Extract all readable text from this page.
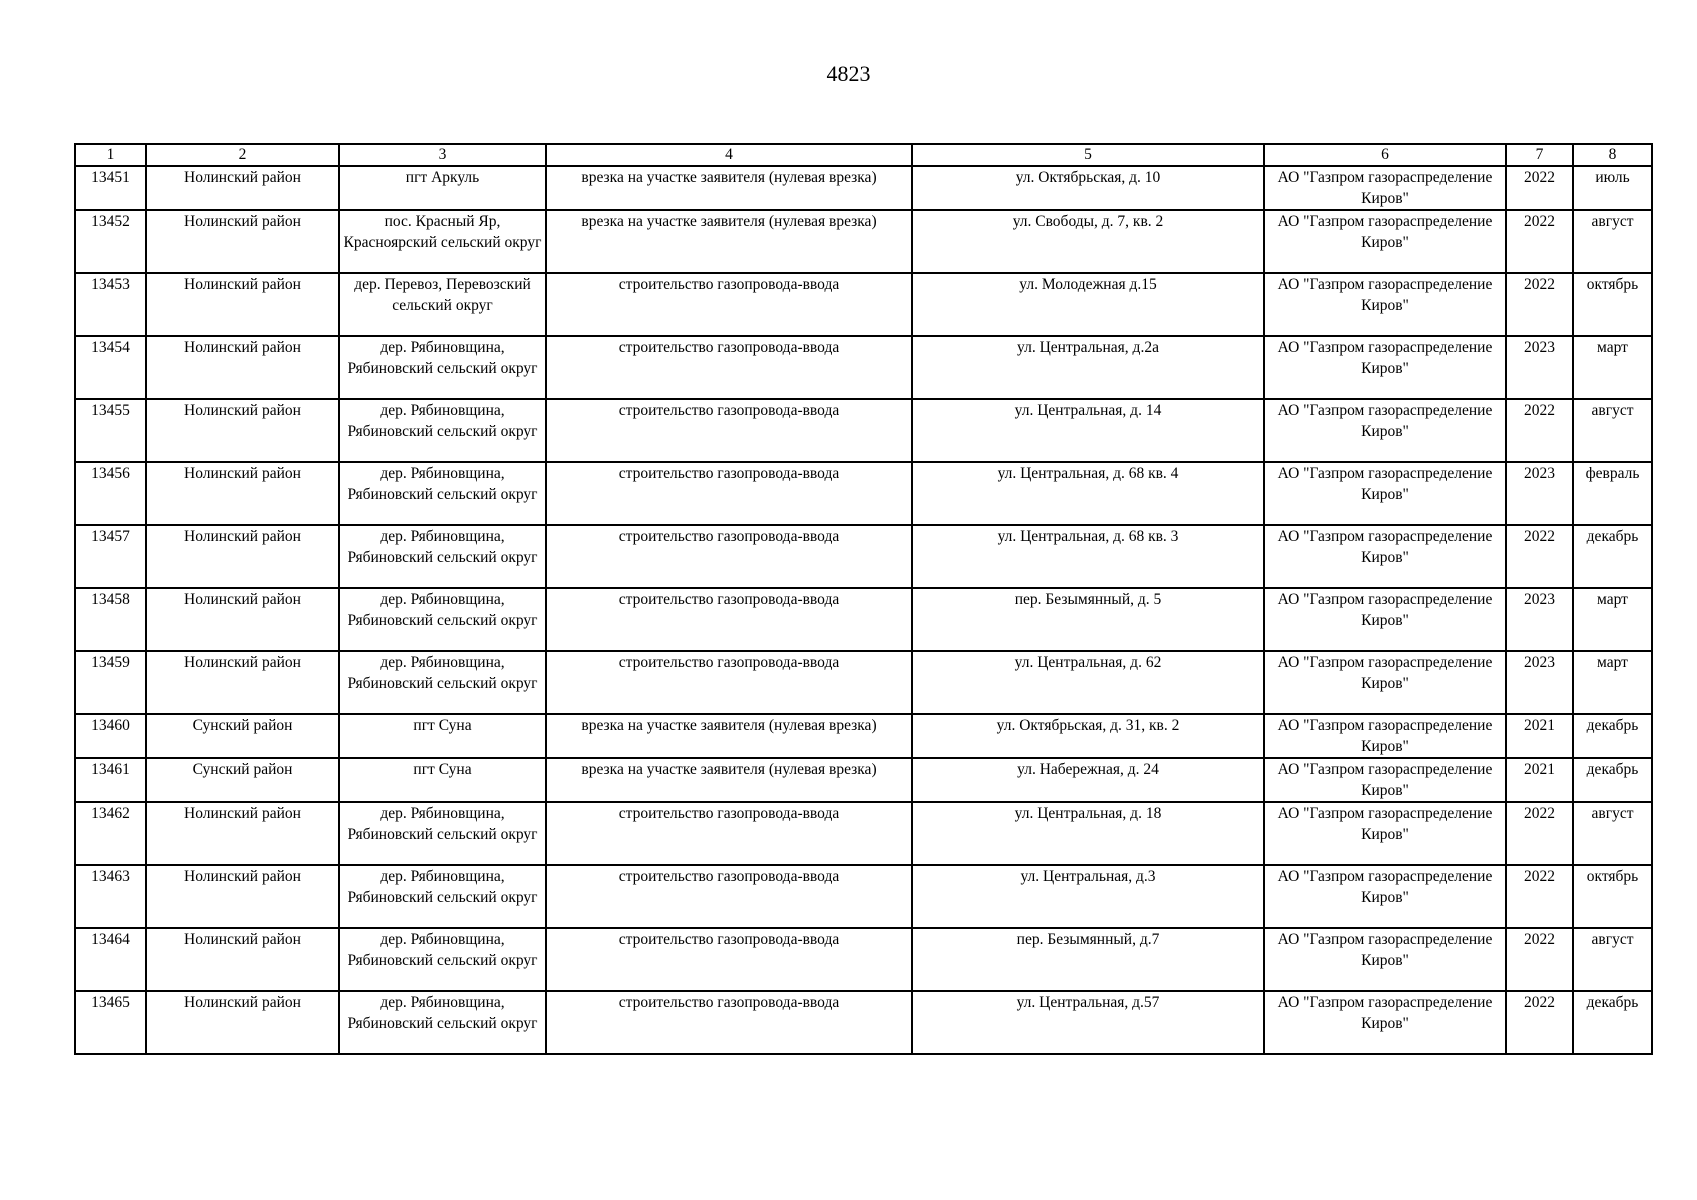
4823
1	2	3	4	5	6	7	8
13451	Нолинский район	пгт Аркуль	врезка на участке заявителя (нулевая врезка)	ул. Октябрьская, д. 10	АО "Газпром газораспределение Киров"	2022	июль
13452	Нолинский район	пос. Красный Яр, Красноярский сельский округ	врезка на участке заявителя (нулевая врезка)	ул. Свободы, д. 7, кв. 2	АО "Газпром газораспределение Киров"	2022	август
13453	Нолинский район	дер. Перевоз, Перевозский сельский округ	строительство газопровода-ввода	ул. Молодежная д.15	АО "Газпром газораспределение Киров"	2022	октябрь
13454	Нолинский район	дер. Рябиновщина, Рябиновский сельский округ	строительство газопровода-ввода	ул. Центральная, д.2а	АО "Газпром газораспределение Киров"	2023	март
13455	Нолинский район	дер. Рябиновщина, Рябиновский сельский округ	строительство газопровода-ввода	ул. Центральная, д. 14	АО "Газпром газораспределение Киров"	2022	август
13456	Нолинский район	дер. Рябиновщина, Рябиновский сельский округ	строительство газопровода-ввода	ул. Центральная, д. 68 кв. 4	АО "Газпром газораспределение Киров"	2023	февраль
13457	Нолинский район	дер. Рябиновщина, Рябиновский сельский округ	строительство газопровода-ввода	ул. Центральная, д. 68 кв. 3	АО "Газпром газораспределение Киров"	2022	декабрь
13458	Нолинский район	дер. Рябиновщина, Рябиновский сельский округ	строительство газопровода-ввода	пер. Безымянный, д. 5	АО "Газпром газораспределение Киров"	2023	март
13459	Нолинский район	дер. Рябиновщина, Рябиновский сельский округ	строительство газопровода-ввода	ул. Центральная, д. 62	АО "Газпром газораспределение Киров"	2023	март
13460	Сунский район	пгт Суна	врезка на участке заявителя (нулевая врезка)	ул. Октябрьская, д. 31, кв. 2	АО "Газпром газораспределение Киров"	2021	декабрь
13461	Сунский район	пгт Суна	врезка на участке заявителя (нулевая врезка)	ул. Набережная, д. 24	АО "Газпром газораспределение Киров"	2021	декабрь
13462	Нолинский район	дер. Рябиновщина, Рябиновский сельский округ	строительство газопровода-ввода	ул. Центральная, д. 18	АО "Газпром газораспределение Киров"	2022	август
13463	Нолинский район	дер. Рябиновщина, Рябиновский сельский округ	строительство газопровода-ввода	ул. Центральная, д.3	АО "Газпром газораспределение Киров"	2022	октябрь
13464	Нолинский район	дер. Рябиновщина, Рябиновский сельский округ	строительство газопровода-ввода	пер. Безымянный, д.7	АО "Газпром газораспределение Киров"	2022	август
13465	Нолинский район	дер. Рябиновщина, Рябиновский сельский округ	строительство газопровода-ввода	ул. Центральная, д.57	АО "Газпром газораспределение Киров"	2022	декабрь
